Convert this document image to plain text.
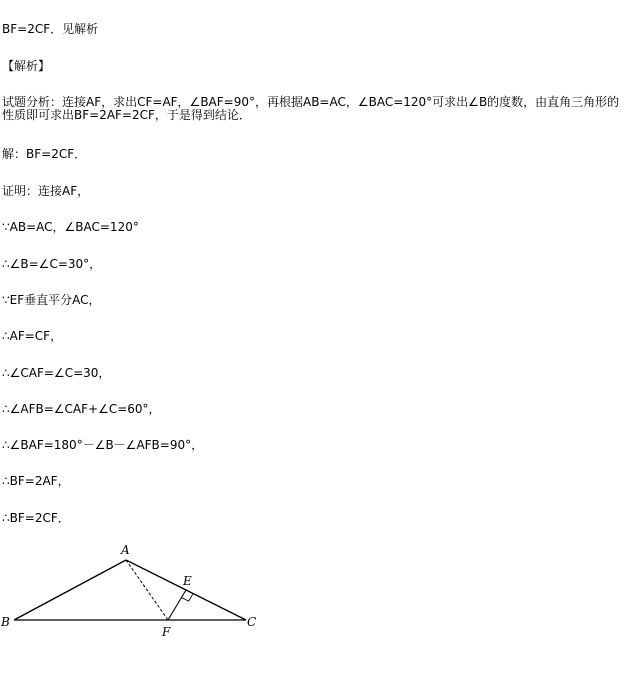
BF=2CF．见解析
【解析】
试题分析：连接AF，求出CF=AF，∠BAF=90°，再根据AB=AC，∠BAC=120°可求出∠B的度数，由直角三角形的性质即可求出BF=2AF=2CF，于是得到结论．
解：BF=2CF．
证明：连接AF，
∵AB=AC，∠BAC=120°
∴∠B=∠C=30°，
∵EF垂直平分AC，
∴AF=CF，
∴∠CAF=∠C=30，
∴∠AFB=∠CAF+∠C=60°，
∴∠BAF=180°－∠B－∠AFB=90°，
∴BF=2AF，
∴BF=2CF．
A
B	C
E
F
